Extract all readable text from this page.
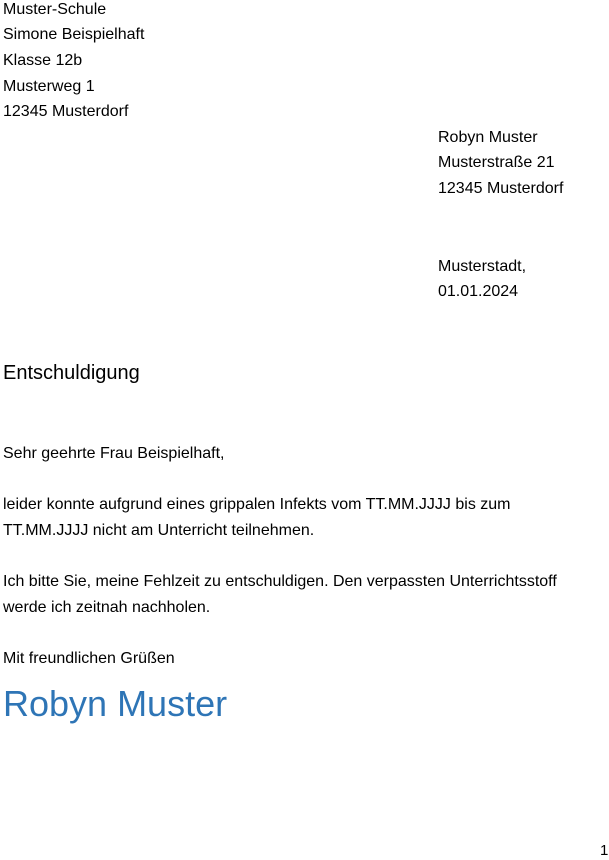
Muster-Schule
Simone Beispielhaft
Klasse 12b
Musterweg 1
12345 Musterdorf
Robyn Muster
Musterstraße 21
12345 Musterdorf
Musterstadt,
01.01.2024
Entschuldigung
Sehr geehrte Frau Beispielhaft,
leider konnte aufgrund eines grippalen Infekts vom TT.MM.JJJJ bis zum
TT.MM.JJJJ nicht am Unterricht teilnehmen.
Ich bitte Sie, meine Fehlzeit zu entschuldigen. Den verpassten Unterrichtsstoff
werde ich zeitnah nachholen.
Mit freundlichen Grüßen
Robyn Muster
1
